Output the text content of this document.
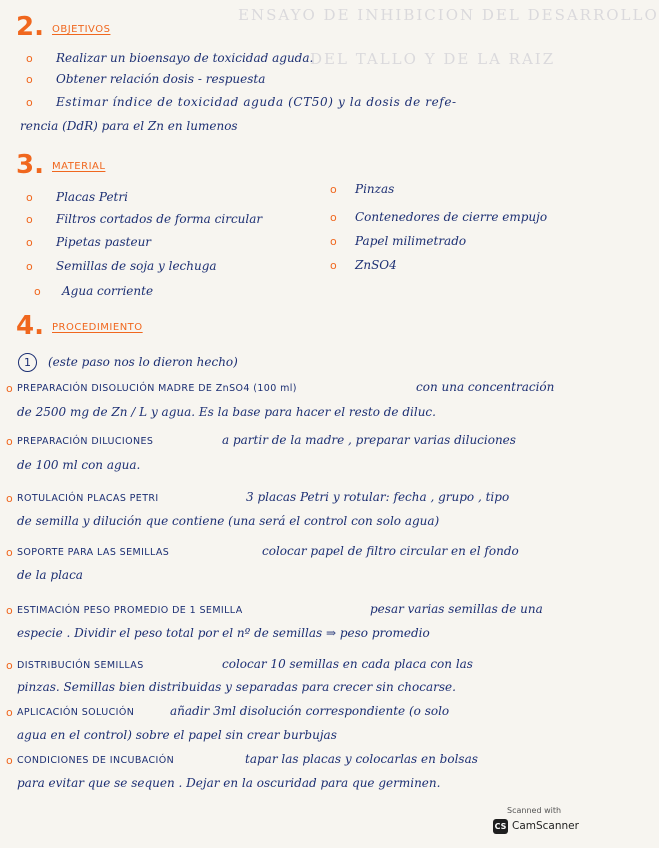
ENSAYO DE INHIBICION DEL DESARROLLO
DEL TALLO Y DE LA RAIZ
2. OBJETIVOS
o Realizar un bioensayo de toxicidad aguda.
o Obtener relación dosis - respuesta
o Estimar índice de toxicidad aguda (CT50) y la dosis de refe-
rencia (DdR) para el Zn en lumenos
3. MATERIAL
o Placas Petri
o Filtros cortados de forma circular
o Pipetas pasteur
o Semillas de soja y lechuga
o Agua corriente
o Pinzas
o Contenedores de cierre empujo
o Papel milimetrado
o ZnSO4
4. PROCEDIMIENTO
1	(este paso nos lo dieron hecho)
o PREPARACIÓN DISOLUCIÓN MADRE DE ZnSO4 (100 ml)	con una concentración
de 2500 mg de Zn / L y agua. Es la base para hacer el resto de diluc.
o PREPARACIÓN DILUCIONES	a partir de la madre , preparar varias diluciones
de 100 ml con agua.
o ROTULACIÓN PLACAS PETRI	3 placas Petri y rotular: fecha , grupo , tipo
de semilla y dilución que contiene (una será el control con solo agua)
o SOPORTE PARA LAS SEMILLAS	colocar papel de filtro circular en el fondo
de la placa
o ESTIMACIÓN PESO PROMEDIO DE 1 SEMILLA	pesar varias semillas de una
especie . Dividir el peso total por el nº de semillas ⇒ peso promedio
o DISTRIBUCIÓN SEMILLAS	colocar 10 semillas en cada placa con las
pinzas. Semillas bien distribuidas y separadas para crecer sin chocarse.
o APLICACIÓN SOLUCIÓN	añadir 3ml disolución correspondiente (o solo
agua en el control) sobre el papel sin crear burbujas
o CONDICIONES DE INCUBACIÓN	tapar las placas y colocarlas en bolsas
para evitar que se sequen . Dejar en la oscuridad para que germinen.
Scanned with
CS CamScanner
